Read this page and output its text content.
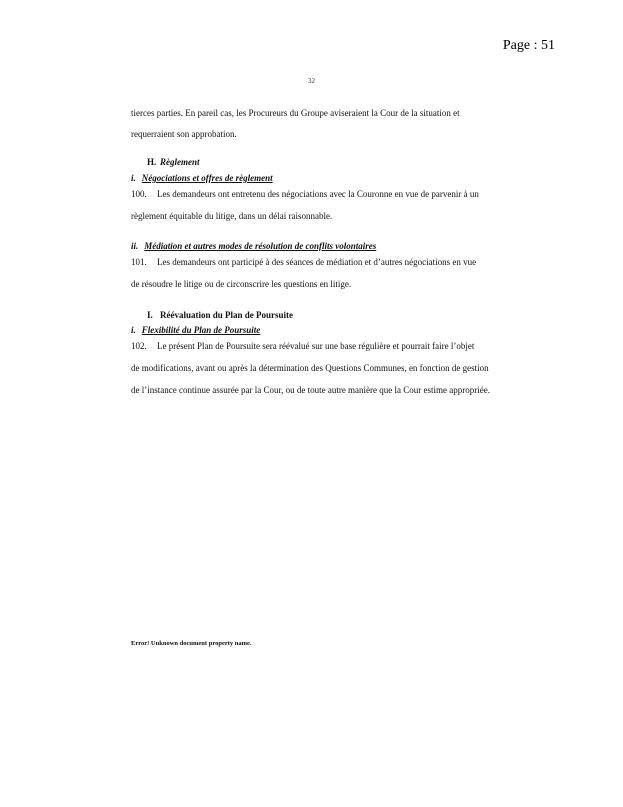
Page : 51
32
tierces parties. En pareil cas, les Procureurs du Groupe aviseraient la Cour de la situation et
requerraient son approbation.
H. Règlement
i. Négociations et offres de règlement
100. Les demandeurs ont entretenu des négociations avec la Couronne en vue de parvenir à un
règlement équitable du litige, dans un délai raisonnable.
ii. Médiation et autres modes de résolution de conflits volontaires
101. Les demandeurs ont participé à des séances de médiation et d’autres négociations en vue
de résoudre le litige ou de circonscrire les questions en litige.
I. Réévaluation du Plan de Poursuite
i. Flexibilité du Plan de Poursuite
102. Le présent Plan de Poursuite sera réévalué sur une base régulière et pourrait faire l’objet
de modifications, avant ou après la détermination des Questions Communes, en fonction de gestion
de l’instance continue assurée par la Cour, ou de toute autre manière que la Cour estime appropriée.
Error! Unknown document property name.
